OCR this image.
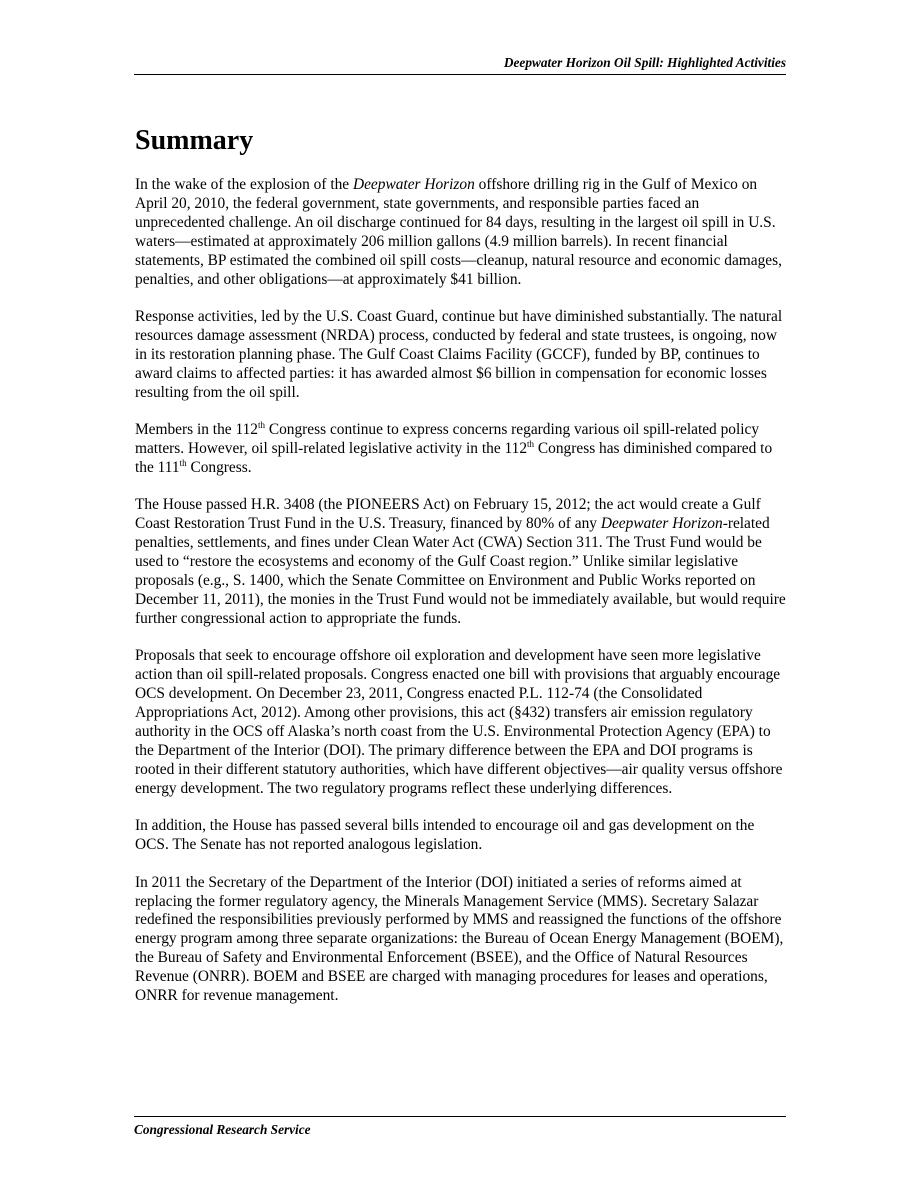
Deepwater Horizon Oil Spill: Highlighted Activities
Summary

In the wake of the explosion of the Deepwater Horizon offshore drilling rig in the Gulf of Mexico on April 20, 2010, the federal government, state governments, and responsible parties faced an unprecedented challenge. An oil discharge continued for 84 days, resulting in the largest oil spill in U.S. waters—estimated at approximately 206 million gallons (4.9 million barrels). In recent financial statements, BP estimated the combined oil spill costs—cleanup, natural resource and economic damages, penalties, and other obligations—at approximately $41 billion.

Response activities, led by the U.S. Coast Guard, continue but have diminished substantially. The natural resources damage assessment (NRDA) process, conducted by federal and state trustees, is ongoing, now in its restoration planning phase. The Gulf Coast Claims Facility (GCCF), funded by BP, continues to award claims to affected parties: it has awarded almost $6 billion in compensation for economic losses resulting from the oil spill.

Members in the 112th Congress continue to express concerns regarding various oil spill-related policy matters. However, oil spill-related legislative activity in the 112th Congress has diminished compared to the 111th Congress.

The House passed H.R. 3408 (the PIONEERS Act) on February 15, 2012; the act would create a Gulf Coast Restoration Trust Fund in the U.S. Treasury, financed by 80% of any Deepwater Horizon-related penalties, settlements, and fines under Clean Water Act (CWA) Section 311. The Trust Fund would be used to “restore the ecosystems and economy of the Gulf Coast region.” Unlike similar legislative proposals (e.g., S. 1400, which the Senate Committee on Environment and Public Works reported on December 11, 2011), the monies in the Trust Fund would not be immediately available, but would require further congressional action to appropriate the funds.

Proposals that seek to encourage offshore oil exploration and development have seen more legislative action than oil spill-related proposals. Congress enacted one bill with provisions that arguably encourage OCS development. On December 23, 2011, Congress enacted P.L. 112-74 (the Consolidated Appropriations Act, 2012). Among other provisions, this act (§432) transfers air emission regulatory authority in the OCS off Alaska’s north coast from the U.S. Environmental Protection Agency (EPA) to the Department of the Interior (DOI). The primary difference between the EPA and DOI programs is rooted in their different statutory authorities, which have different objectives—air quality versus offshore energy development. The two regulatory programs reflect these underlying differences.

In addition, the House has passed several bills intended to encourage oil and gas development on the OCS. The Senate has not reported analogous legislation.

In 2011 the Secretary of the Department of the Interior (DOI) initiated a series of reforms aimed at replacing the former regulatory agency, the Minerals Management Service (MMS). Secretary Salazar redefined the responsibilities previously performed by MMS and reassigned the functions of the offshore energy program among three separate organizations: the Bureau of Ocean Energy Management (BOEM), the Bureau of Safety and Environmental Enforcement (BSEE), and the Office of Natural Resources Revenue (ONRR). BOEM and BSEE are charged with managing procedures for leases and operations, ONRR for revenue management.

Congressional Research Service
